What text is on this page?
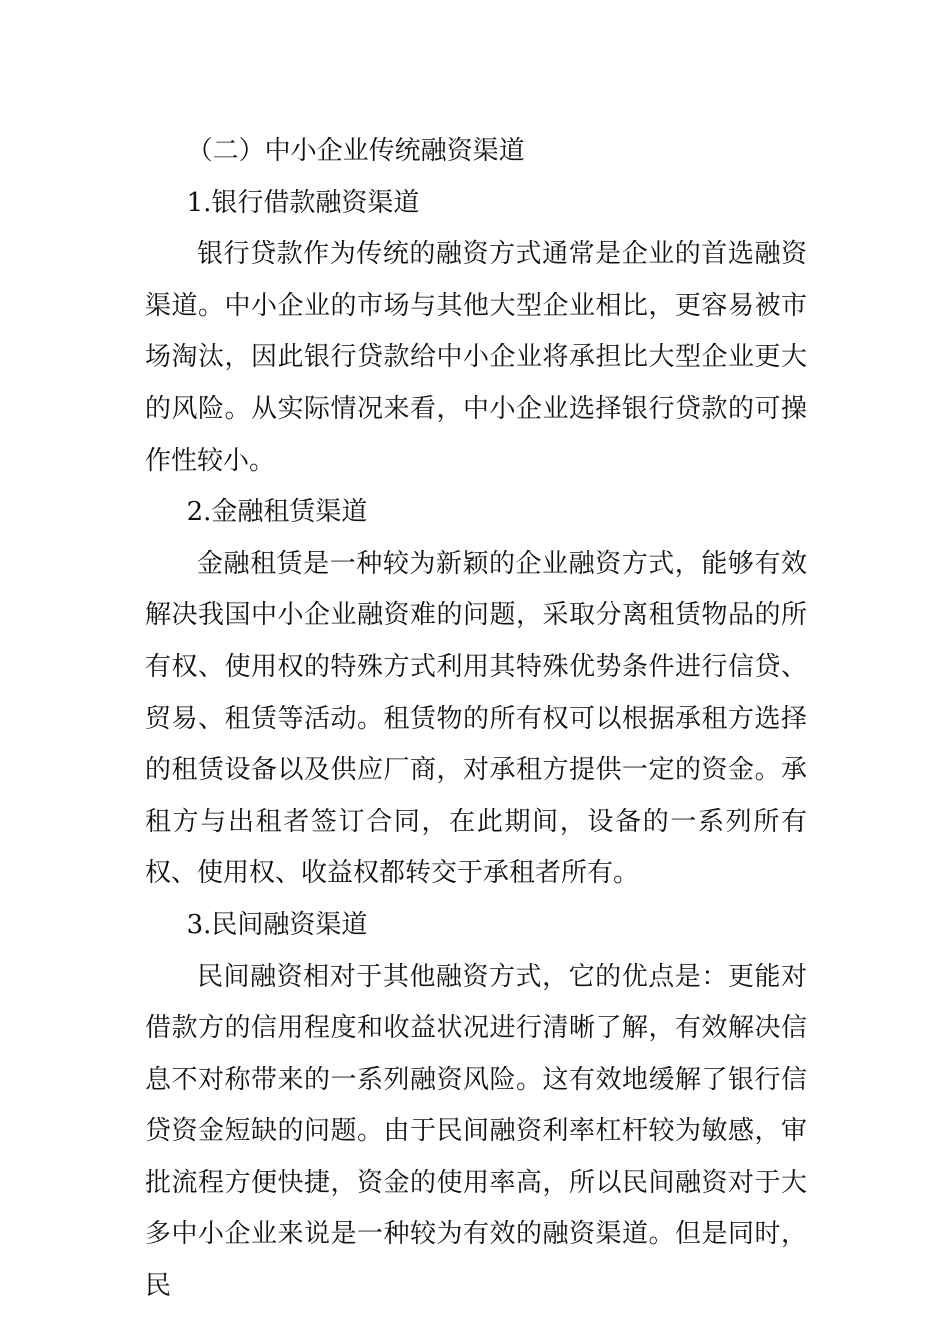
（二）中小企业传统融资渠道

1.银行借款融资渠道

银行贷款作为传统的融资方式通常是企业的首选融资渠道。中小企业的市场与其他大型企业相比，更容易被市场淘汰，因此银行贷款给中小企业将承担比大型企业更大的风险。从实际情况来看，中小企业选择银行贷款的可操作性较小。

2.金融租赁渠道

金融租赁是一种较为新颖的企业融资方式，能够有效解决我国中小企业融资难的问题，采取分离租赁物品的所有权、使用权的特殊方式利用其特殊优势条件进行信贷、贸易、租赁等活动。租赁物的所有权可以根据承租方选择的租赁设备以及供应厂商，对承租方提供一定的资金。承租方与出租者签订合同，在此期间，设备的一系列所有权、使用权、收益权都转交于承租者所有。

3.民间融资渠道

民间融资相对于其他融资方式，它的优点是：更能对借款方的信用程度和收益状况进行清晰了解，有效解决信息不对称带来的一系列融资风险。这有效地缓解了银行信贷资金短缺的问题。由于民间融资利率杠杆较为敏感，审批流程方便快捷，资金的使用率高，所以民间融资对于大多中小企业来说是一种较为有效的融资渠道。但是同时，民
